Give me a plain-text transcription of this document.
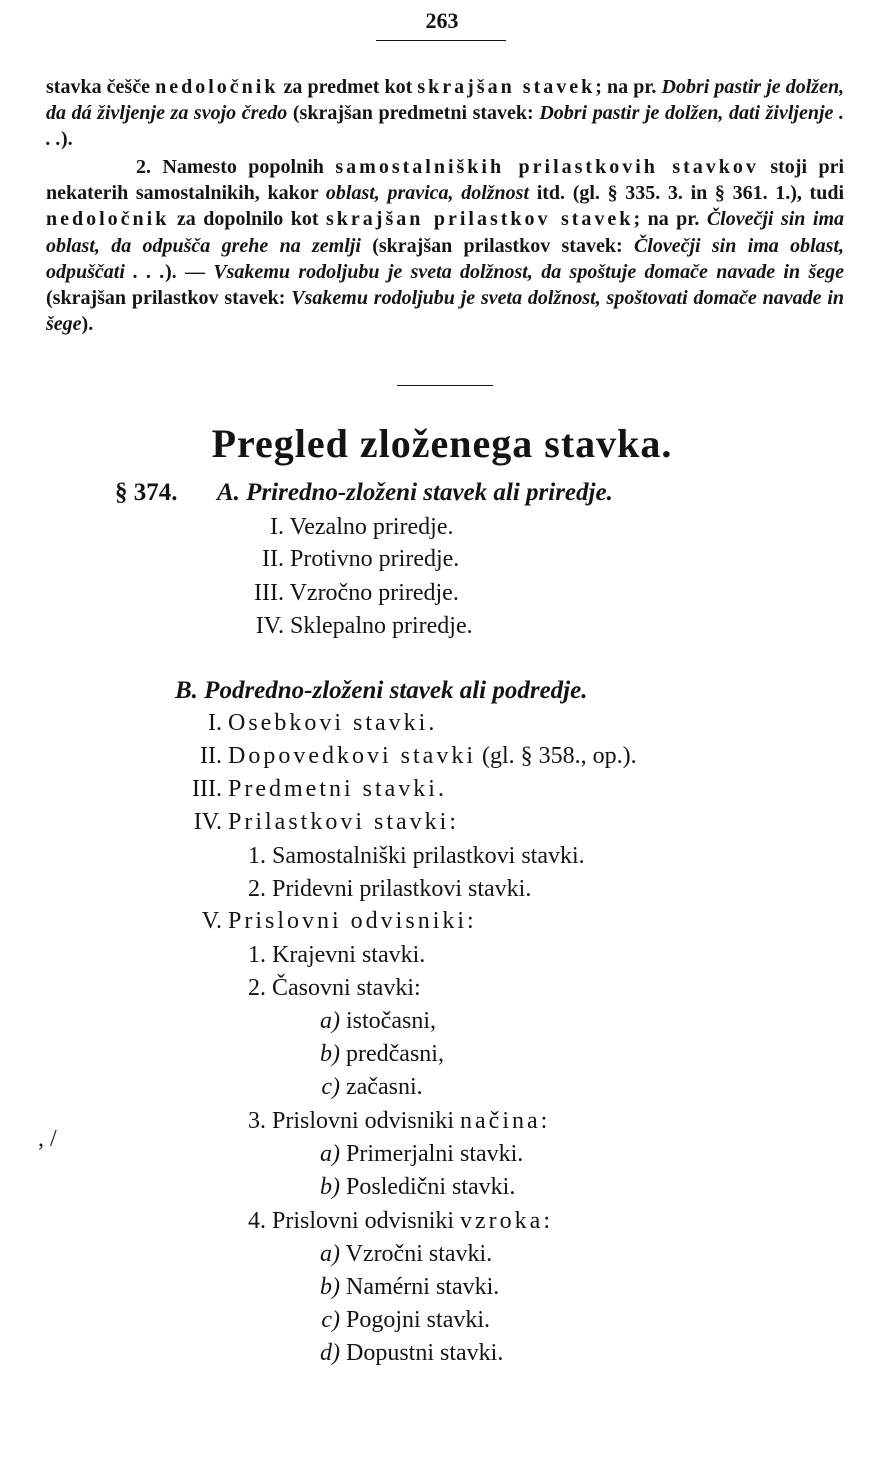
263
stavka češče nedoločnik za predmet kot skrajšan stavek; na pr. Dobri pastir je dolžen, da dá življenje za svojo čredo (skrajšan predmetni stavek: Dobri pastir je dolžen, dati življenje . . .).
2. Namesto popolnih samostalniških prilastkovih stavkov stoji pri nekaterih samostalnikih, kakor oblast, pravica, dolžnost itd. (gl. § 335. 3. in § 361. 1.), tudi nedoločnik za dopolnilo kot skrajšan prilastkov stavek; na pr. Človečji sin ima oblast, da odpušča grehe na zemlji (skrajšan prilastkov stavek: Človečji sin ima oblast, odpuščati . . .). — Vsakemu rodoljubu je sveta dolžnost, da spoštuje domače navade in šege (skrajšan prilastkov stavek: Vsakemu rodoljubu je sveta dolžnost, spoštovati domače navade in šege).
Pregled zloženega stavka.
§ 374. A. Priredno-zloženi stavek ali priredje.
I. Vezalno priredje.
II. Protivno priredje.
III. Vzročno priredje.
IV. Sklepalno priredje.
B. Podredno-zloženi stavek ali podredje.
I. Osebkovi stavki.
II. Dopovedkovi stavki (gl. § 358., op.).
III. Predmetni stavki.
IV. Prilastkovi stavki:
1. Samostalniški prilastkovi stavki.
2. Pridevni prilastkovi stavki.
V. Prislovni odvisniki:
1. Krajevni stavki.
2. Časovni stavki:
a) istočasni,
b) predčasni,
c) začasni.
3. Prislovni odvisniki načina:
a) Primerjalni stavki.
b) Posledični stavki.
4. Prislovni odvisniki vzroka:
a) Vzročni stavki.
b) Namérni stavki.
c) Pogojni stavki.
d) Dopustni stavki.
, /
